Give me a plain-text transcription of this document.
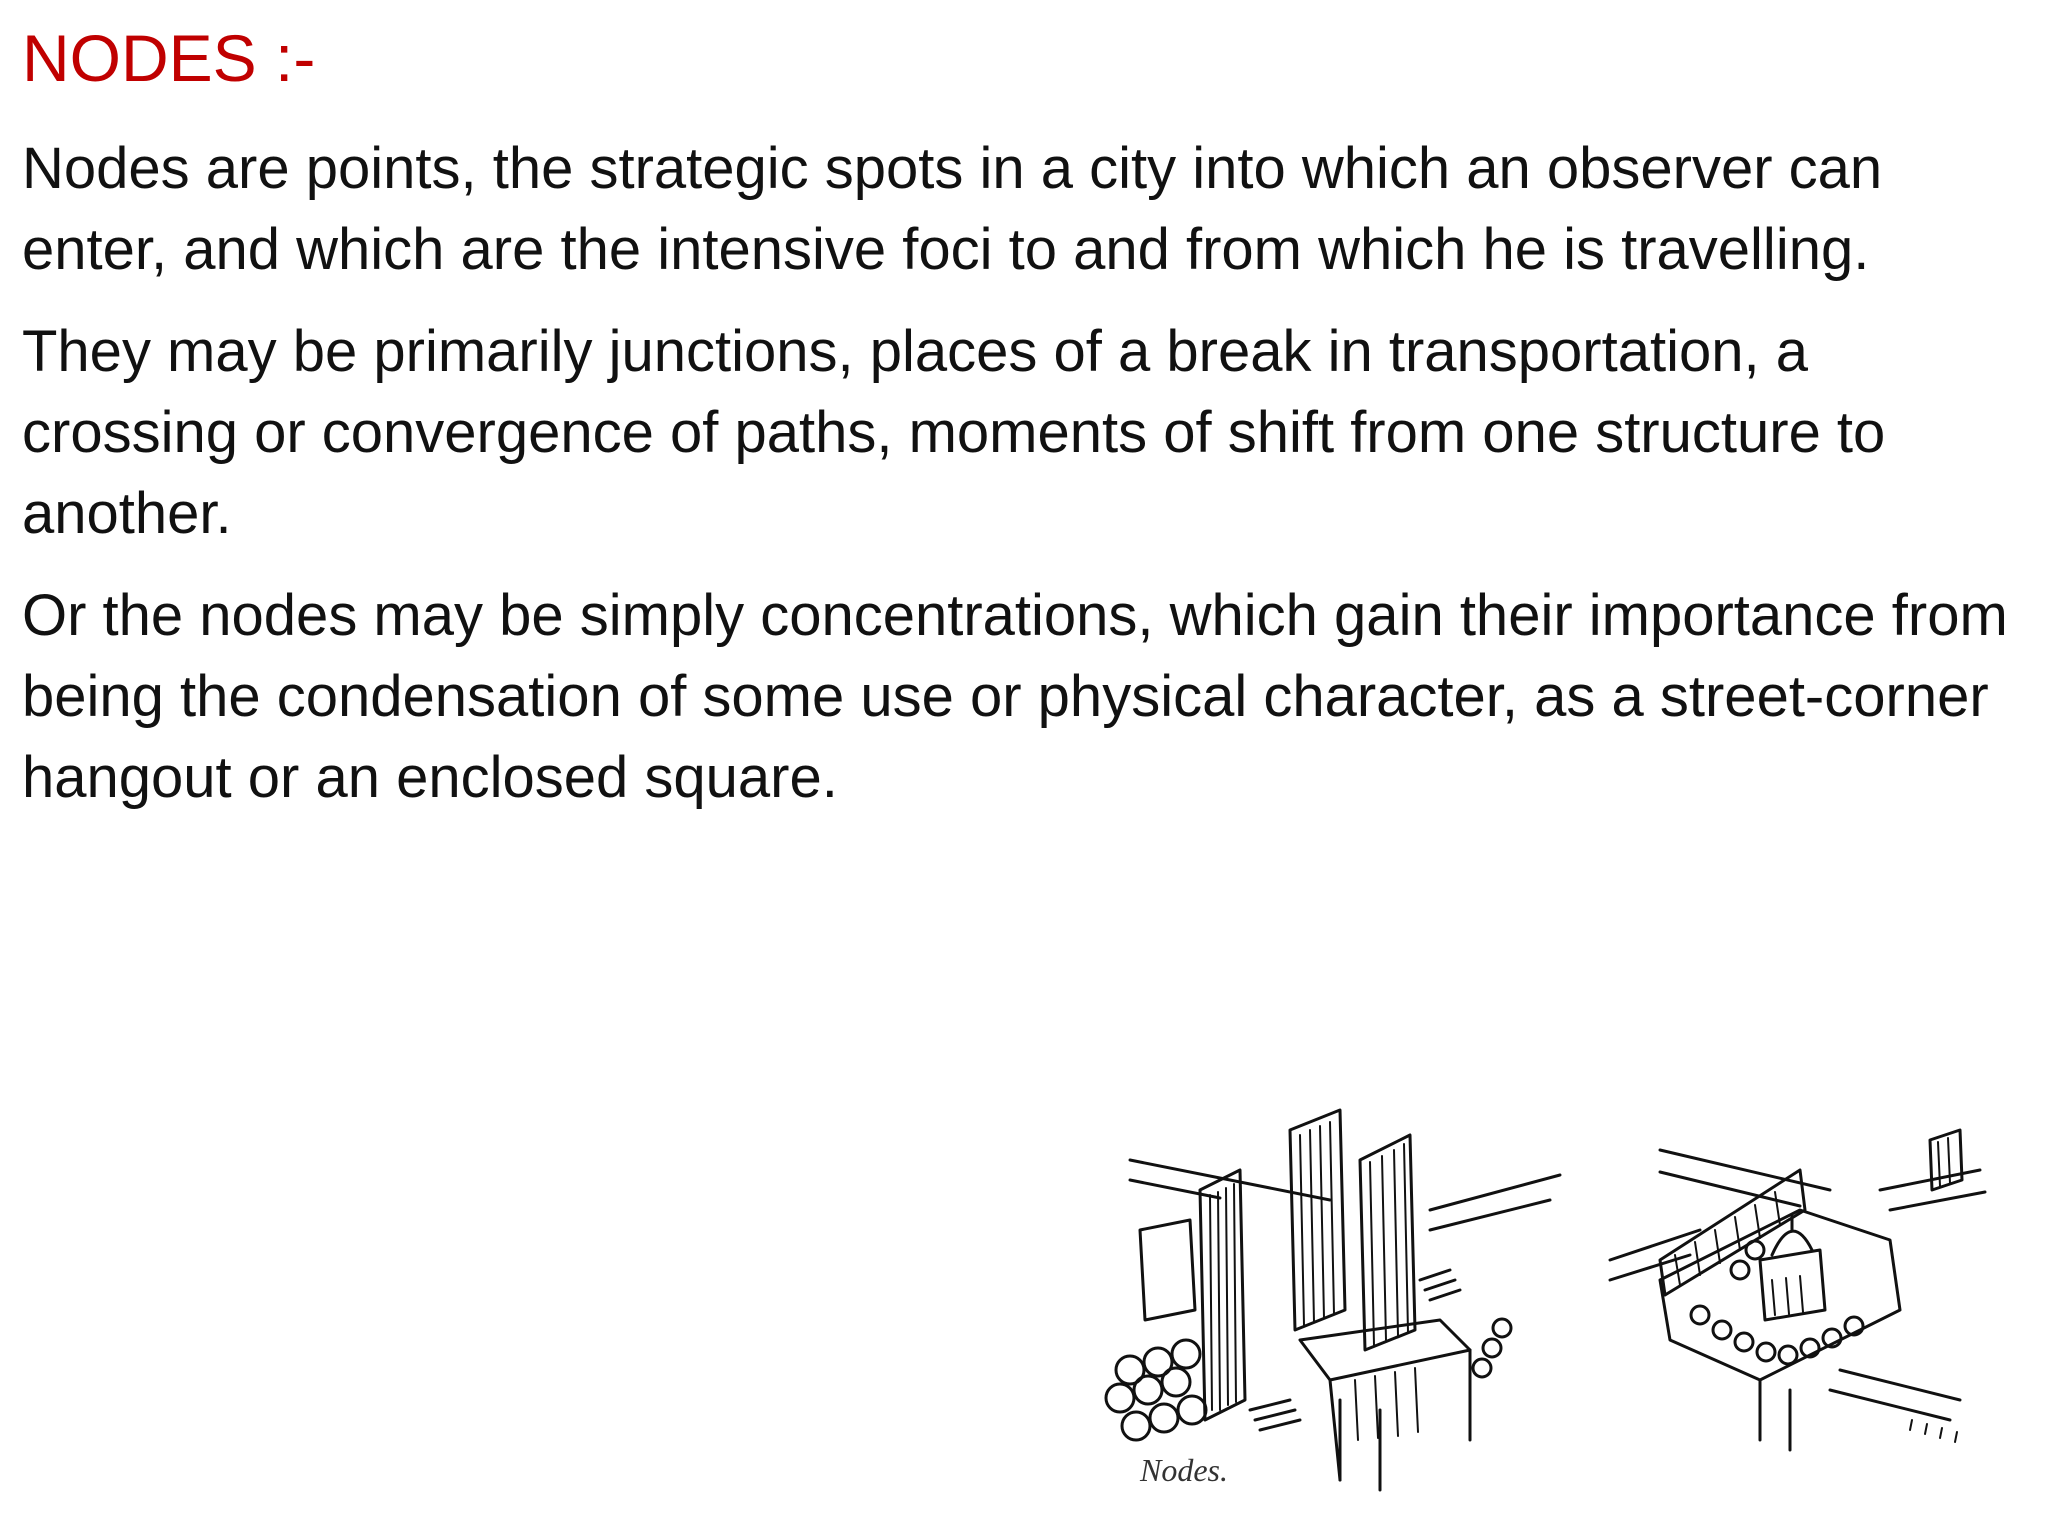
NODES :-

Nodes are points, the strategic spots in a city into which an observer can enter, and which are the intensive foci to and from which he is travelling.

They may be primarily junctions, places of a break in transportation, a crossing or convergence of paths, moments of shift from one structure to another.

Or the nodes may be simply concentrations, which gain their importance from being the condensation of some use or physical character, as a street-corner hangout or an enclosed square.

Nodes.
